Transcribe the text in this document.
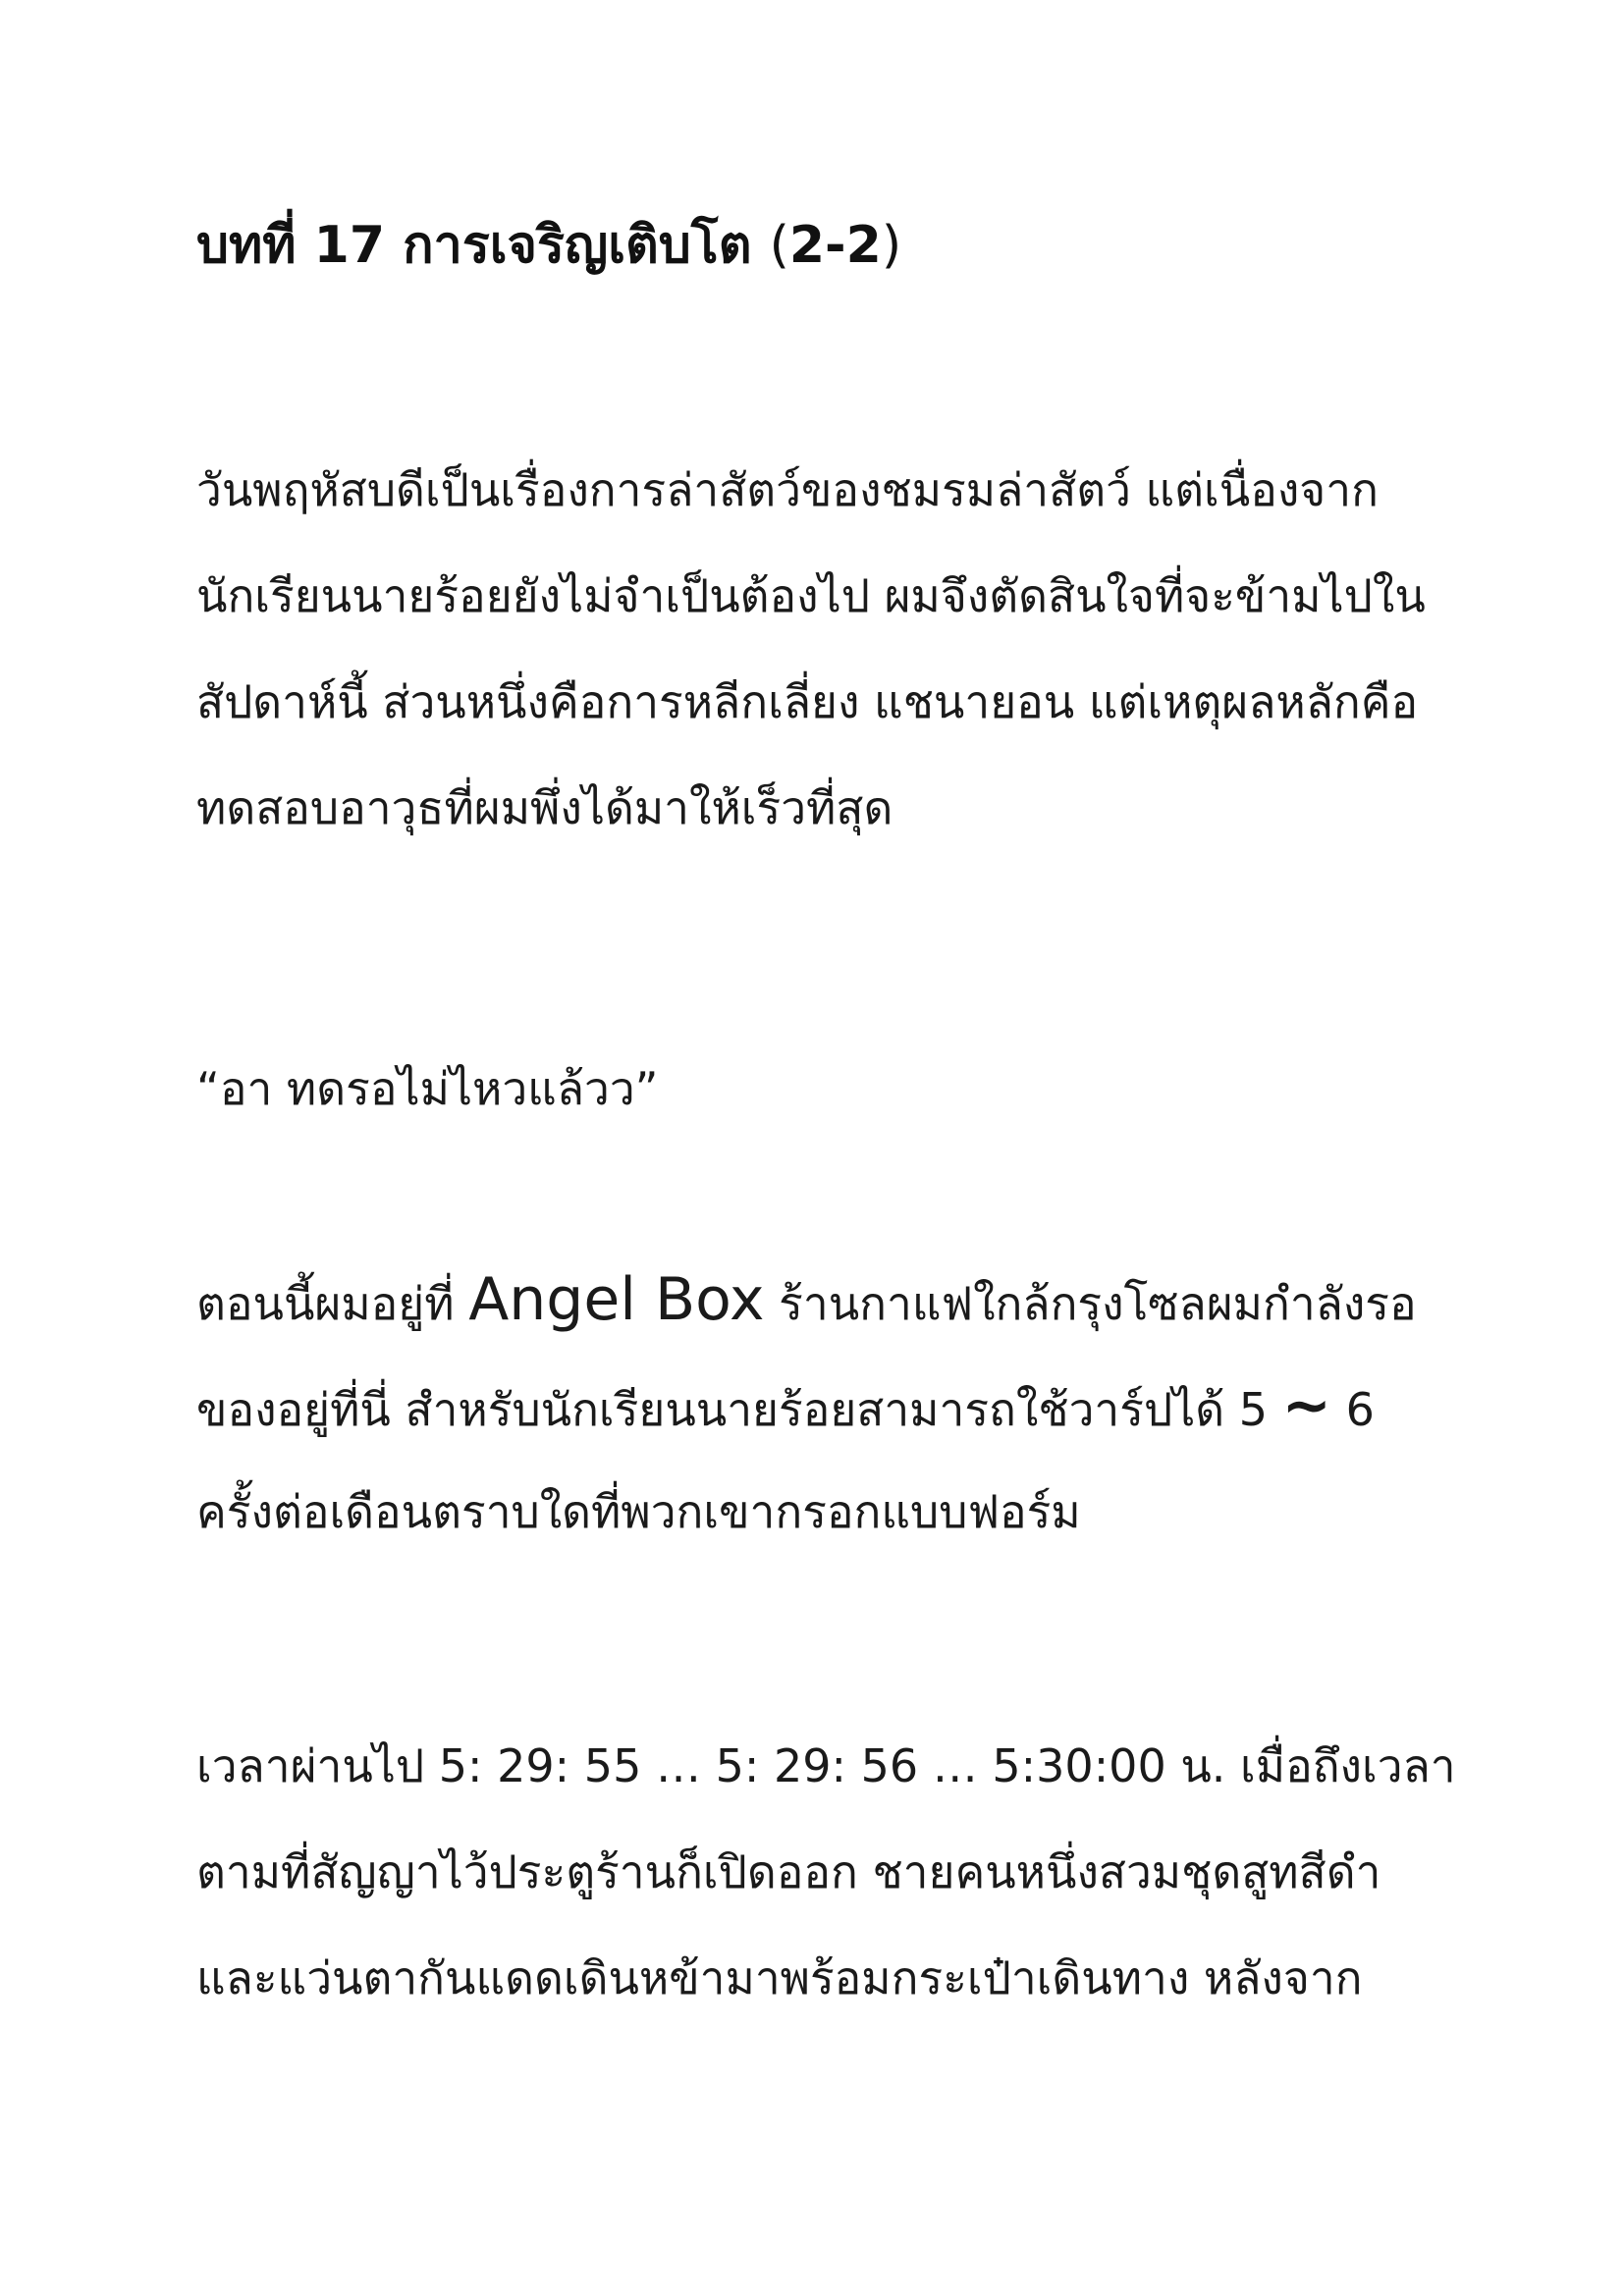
บทที่ 17 การเจริญเติบโต (2-2)

วันพฤหัสบดีเป็นเรื่องการล่าสัตว์ของชมรมล่าสัตว์ แต่เนื่องจาก
นักเรียนนายร้อยยังไม่จำเป็นต้องไป ผมจึงตัดสินใจที่จะข้ามไปใน
สัปดาห์นี้ ส่วนหนึ่งคือการหลีกเลี่ยง แชนายอน แต่เหตุผลหลักคือ
ทดสอบอาวุธที่ผมพึ่งได้มาให้เร็วที่สุด

“อา ทดรอไม่ไหวแล้วว”

ตอนนี้ผมอยู่ที่ Angel Box ร้านกาแฟใกล้กรุงโซลผมกำลังรอ
ของอยู่ที่นี่ สำหรับนักเรียนนายร้อยสามารถใช้วาร์ปได้ 5 ~ 6
ครั้งต่อเดือนตราบใดที่พวกเขากรอกแบบฟอร์ม

เวลาผ่านไป 5: 29: 55 … 5: 29: 56 … 5:30:00 น. เมื่อถึงเวลา
ตามที่สัญญาไว้ประตูร้านก็เปิดออก ชายคนหนึ่งสวมชุดสูทสีดำ
และแว่นตากันแดดเดินหข้ามาพร้อมกระเป๋าเดินทาง หลังจาก
